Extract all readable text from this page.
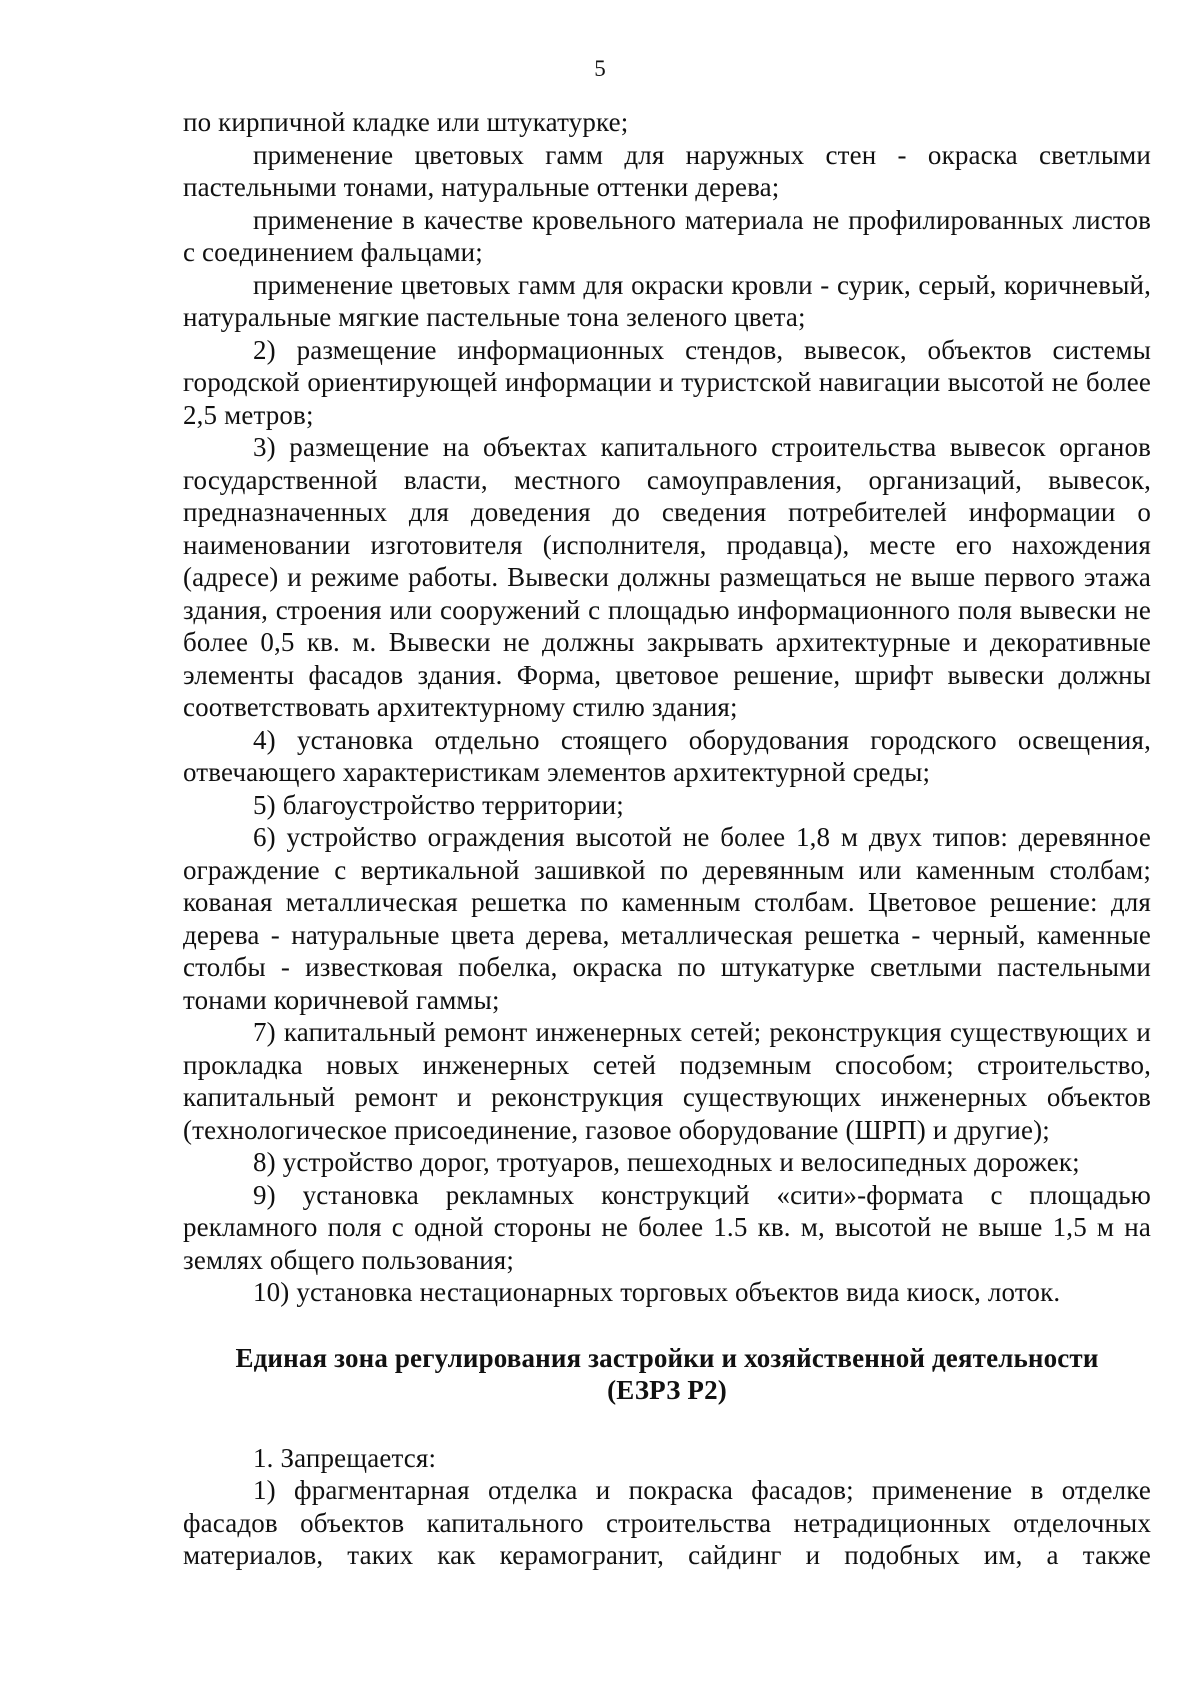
5

по кирпичной кладке или штукатурке;

применение цветовых гамм для наружных стен - окраска светлыми пастельными тонами, натуральные оттенки дерева;

применение в качестве кровельного материала не профилированных листов с соединением фальцами;

применение цветовых гамм для окраски кровли - сурик, серый, коричневый, натуральные мягкие пастельные тона зеленого цвета;

2) размещение информационных стендов, вывесок, объектов системы городской ориентирующей информации и туристской навигации высотой не более 2,5 метров;

3) размещение на объектах капитального строительства вывесок органов государственной власти, местного самоуправления, организаций, вывесок, предназначенных для доведения до сведения потребителей информации о наименовании изготовителя (исполнителя, продавца), месте его нахождения (адресе) и режиме работы. Вывески должны размещаться не выше первого этажа здания, строения или сооружений с площадью информационного поля вывески не более 0,5 кв. м. Вывески не должны закрывать архитектурные и декоративные элементы фасадов здания. Форма, цветовое решение, шрифт вывески должны соответствовать архитектурному стилю здания;

4) установка отдельно стоящего оборудования городского освещения, отвечающего характеристикам элементов архитектурной среды;

5) благоустройство территории;

6) устройство ограждения высотой не более 1,8 м двух типов: деревянное ограждение с вертикальной зашивкой по деревянным или каменным столбам; кованая металлическая решетка по каменным столбам. Цветовое решение: для дерева - натуральные цвета дерева, металлическая решетка - черный, каменные столбы - известковая побелка, окраска по штукатурке светлыми пастельными тонами коричневой гаммы;

7) капитальный ремонт инженерных сетей; реконструкция существующих и прокладка новых инженерных сетей подземным способом; строительство, капитальный ремонт и реконструкция существующих инженерных объектов (технологическое присоединение, газовое оборудование (ШРП) и другие);

8) устройство дорог, тротуаров, пешеходных и велосипедных дорожек;

9) установка рекламных конструкций «сити»-формата с площадью рекламного поля с одной стороны не более 1.5 кв. м, высотой не выше 1,5 м на землях общего пользования;

10) установка нестационарных торговых объектов вида киоск, лоток.

Единая зона регулирования застройки и хозяйственной деятельности
(ЕЗРЗ Р2)

1. Запрещается:

1) фрагментарная отделка и покраска фасадов; применение в отделке фасадов объектов капитального строительства нетрадиционных отделочных материалов, таких как керамогранит, сайдинг и подобных им, а также
